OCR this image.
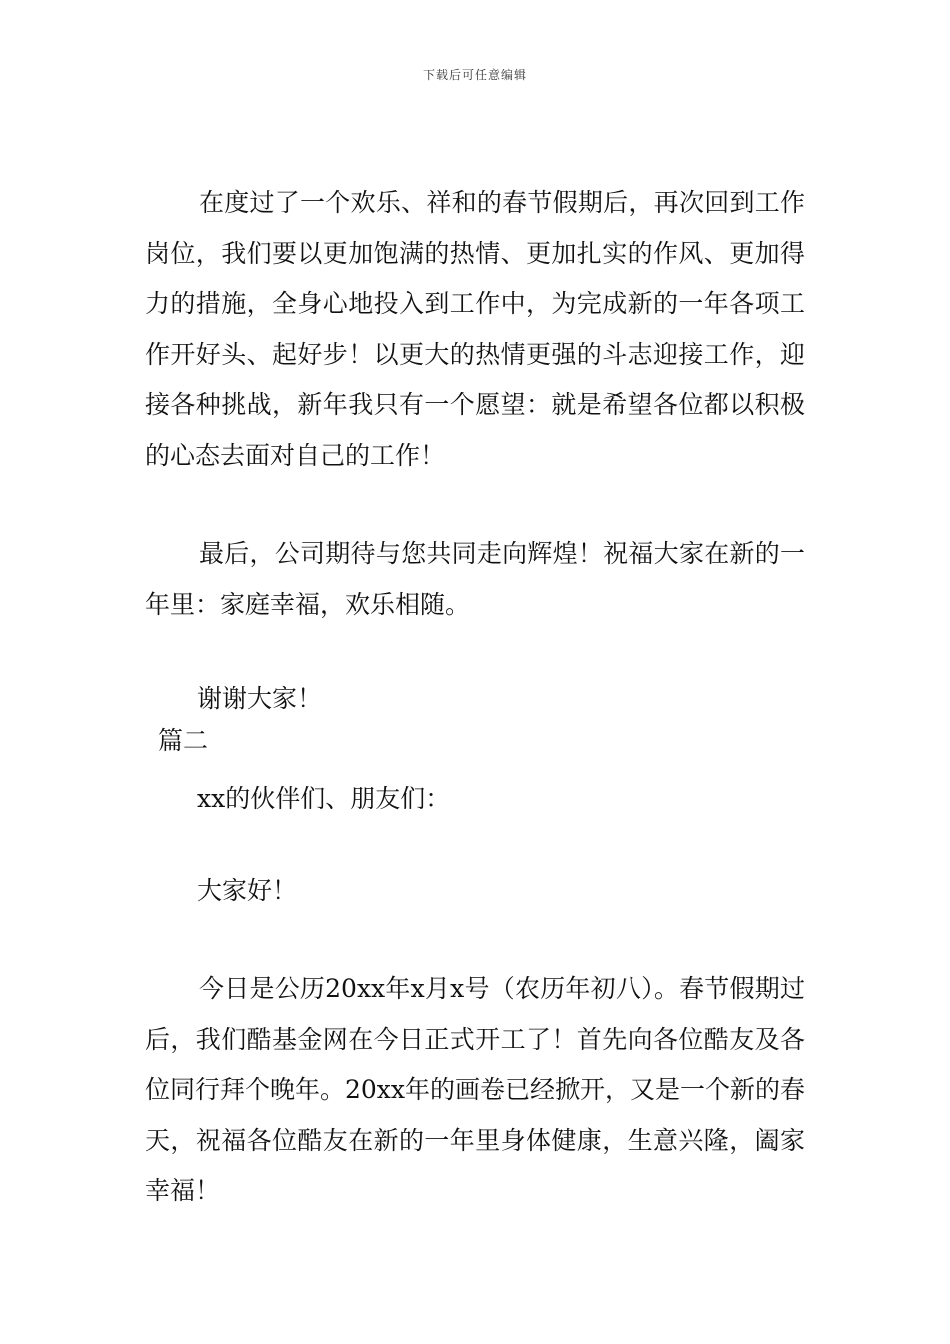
下载后可任意编辑

在度过了一个欢乐、祥和的春节假期后，再次回到工作岗位，我们要以更加饱满的热情、更加扎实的作风、更加得力的措施，全身心地投入到工作中，为完成新的一年各项工作开好头、起好步！以更大的热情更强的斗志迎接工作，迎接各种挑战，新年我只有一个愿望：就是希望各位都以积极的心态去面对自己的工作！

最后，公司期待与您共同走向辉煌！祝福大家在新的一年里：家庭幸福，欢乐相随。

谢谢大家！

篇二

xx的伙伴们、朋友们：

大家好！

今日是公历20xx年x月x号（农历年初八）。春节假期过后，我们酷基金网在今日正式开工了！首先向各位酷友及各位同行拜个晚年。20xx年的画卷已经掀开，又是一个新的春天，祝福各位酷友在新的一年里身体健康，生意兴隆，阖家幸福！
